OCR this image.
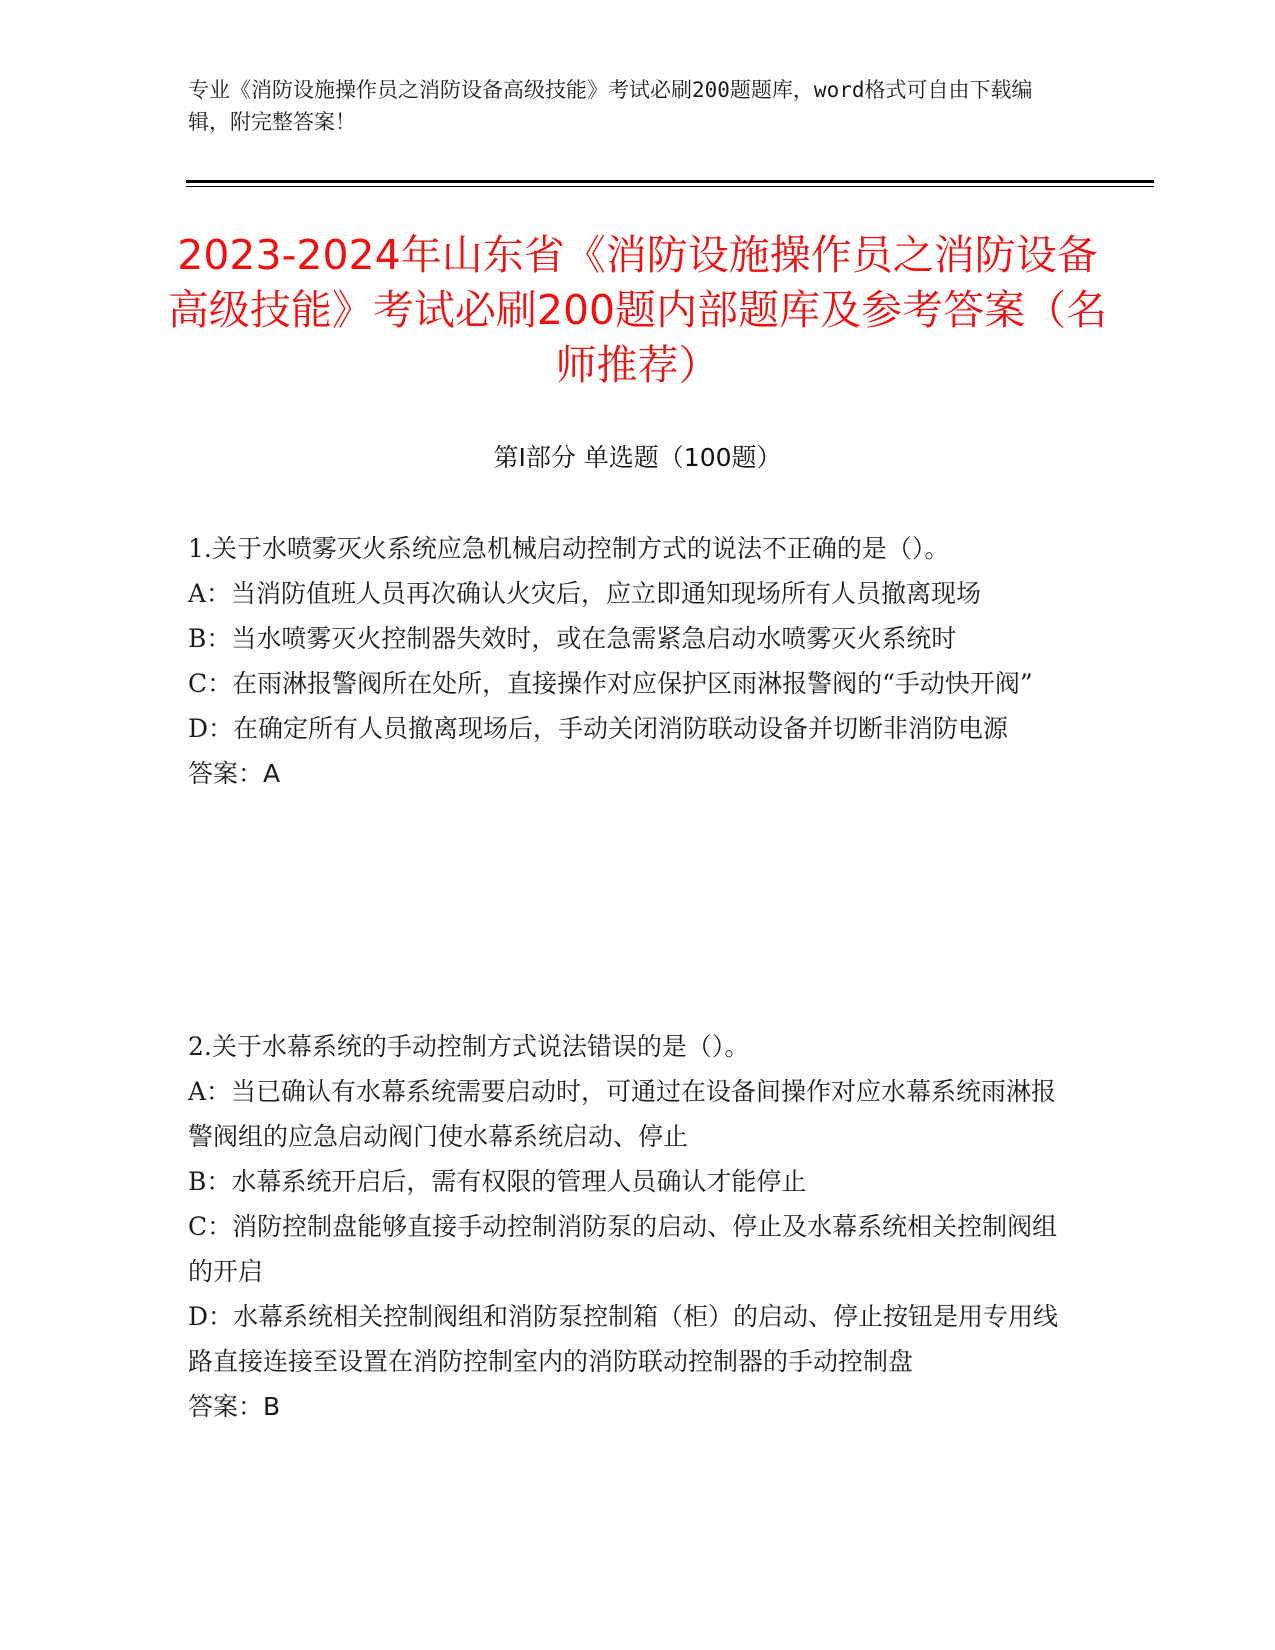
专业《消防设施操作员之消防设备高级技能》考试必刷200题题库，word格式可自由下载编辑，附完整答案！
2023-2024年山东省《消防设施操作员之消防设备高级技能》考试必刷200题内部题库及参考答案（名师推荐）
第I部分 单选题（100题）

1.关于水喷雾灭火系统应急机械启动控制方式的说法不正确的是（）。

A：当消防值班人员再次确认火灾后，应立即通知现场所有人员撤离现场

B：当水喷雾灭火控制器失效时，或在急需紧急启动水喷雾灭火系统时

C：在雨淋报警阀所在处所，直接操作对应保护区雨淋报警阀的“手动快开阀”

D：在确定所有人员撤离现场后，手动关闭消防联动设备并切断非消防电源

答案：A

2.关于水幕系统的手动控制方式说法错误的是（）。

A：当已确认有水幕系统需要启动时，可通过在设备间操作对应水幕系统雨淋报警阀组的应急启动阀门使水幕系统启动、停止

B：水幕系统开启后，需有权限的管理人员确认才能停止

C：消防控制盘能够直接手动控制消防泵的启动、停止及水幕系统相关控制阀组的开启

D：水幕系统相关控制阀组和消防泵控制箱（柜）的启动、停止按钮是用专用线路直接连接至设置在消防控制室内的消防联动控制器的手动控制盘

答案：B
